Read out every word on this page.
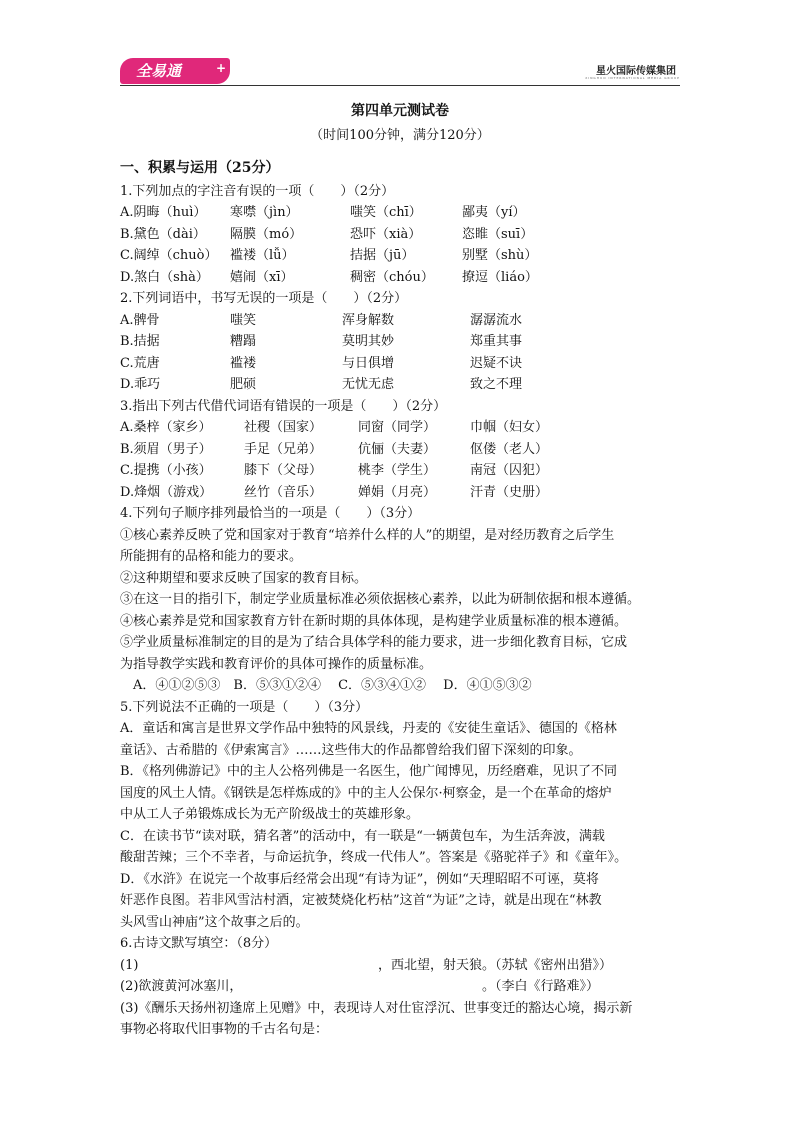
全易通	+	星火国际传媒集团
XINGHUO INTERNATIONAL MEDIA GROUP
第四单元测试卷
（时间100分钟，满分120分）
一、积累与运用（25分）
1.下列加点的字注音有误的一项（　　）（2分）
A.阴晦（huì）	寒噤（jìn）	嗤笑（chī）	鄙夷（yí）
B.黛色（dài）	隔膜（mó）	恐吓（xià）	恣睢（suī）
C.阔绰（chuò） 褴褛（lǚ）	拮据（jū）	别墅（shù）
D.煞白（shà）	嬉闹（xī）	稠密（chóu）	撩逗（liáo）
2.下列词语中，书写无误的一项是（　　）（2分）
A.髀骨	嗤笑	浑身解数	潺潺流水
B.拮据	糟蹋	莫明其妙	郑重其事
C.荒唐	褴褛	与日俱增	迟疑不诀
D.乖巧	肥硕	无忧无虑	致之不理
3.指出下列古代借代词语有错误的一项是（　　）（2分）
A.桑梓（家乡）	社稷（国家）	同窗（同学）	巾帼（妇女）
B.须眉（男子）	手足（兄弟）	伉俪（夫妻）	伛偻（老人）
C.提携（小孩）	膝下（父母）	桃李（学生）	南冠（囚犯）
D.烽烟（游戏）	丝竹（音乐）	婵娟（月亮）	汗青（史册）
4.下列句子顺序排列最恰当的一项是（　　）（3分）
①核心素养反映了党和国家对于教育“培养什么样的人”的期望，是对经历教育之后学生
所能拥有的品格和能力的要求。
②这种期望和要求反映了国家的教育目标。
③在这一目的指引下，制定学业质量标准必须依据核心素养，以此为研制依据和根本遵循。
④核心素养是党和国家教育方针在新时期的具体体现，是构建学业质量标准的根本遵循。
⑤学业质量标准制定的目的是为了结合具体学科的能力要求，进一步细化教育目标，它成
为指导教学实践和教育评价的具体可操作的质量标准。
　A．④①②⑤③　B．⑤③①②④　 C．⑤③④①②　 D．④①⑤③②
5.下列说法不正确的一项是（　　）（3分）
A．童话和寓言是世界文学作品中独特的风景线，丹麦的《安徒生童话》、德国的《格林
童话》、古希腊的《伊索寓言》……这些伟大的作品都曾给我们留下深刻的印象。
B．《格列佛游记》中的主人公格列佛是一名医生，他广闻博见，历经磨难，见识了不同
国度的风土人情。《钢铁是怎样炼成的》中的主人公保尔·柯察金，是一个在革命的熔炉
中从工人子弟锻炼成长为无产阶级战士的英雄形象。
C．在读书节“读对联，猜名著”的活动中，有一联是“一辆黄包车，为生活奔波，满载
酸甜苦辣；三个不幸者，与命运抗争，终成一代伟人”。答案是《骆驼祥子》和《童年》。
D．《水浒》在说完一个故事后经常会出现“有诗为证”，例如“天理昭昭不可诬，莫将
奸恶作良图。若非风雪沽村酒，定被焚烧化朽枯”这首“为证”之诗，就是出现在“林教
头风雪山神庙”这个故事之后的。
6.古诗文默写填空：（8分）
(1)	，西北望，射天狼。（苏轼《密州出猎》）
(2)欲渡黄河冰塞川，	。（李白《行路难》）
(3)《酬乐天扬州初逢席上见赠》中，表现诗人对仕宦浮沉、世事变迁的豁达心境，揭示新
事物必将取代旧事物的千古名句是：
